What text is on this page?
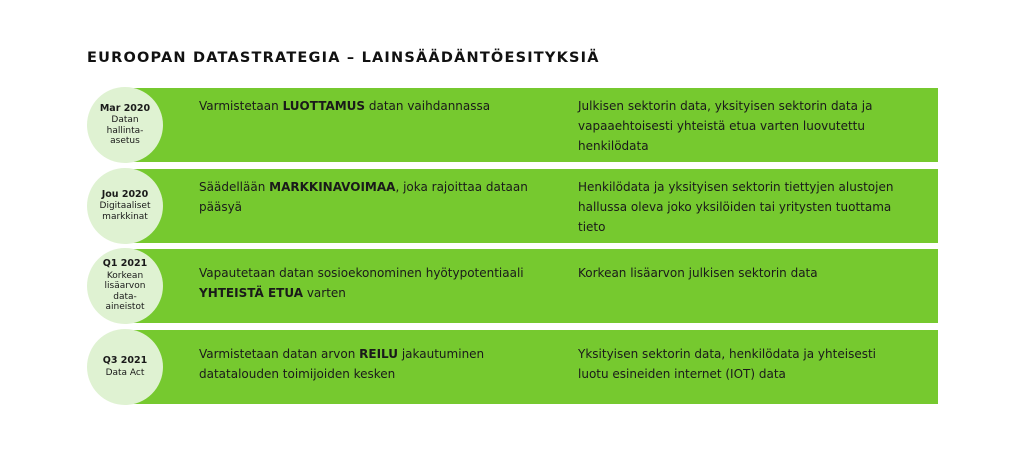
EUROOPAN DATASTRATEGIA – LAINSÄÄDÄNTÖESITYKSIÄ
Mar 2020
Datan
hallinta-
asetus
Varmistetaan LUOTTAMUS datan vaihdannassa	Julkisen sektorin data, yksityisen sektorin data ja vapaaehtoisesti yhteistä etua varten luovutettu henkilödata
Jou 2020
Digitaaliset
markkinat
Säädellään MARKKINAVOIMAA, joka rajoittaa dataan pääsyä
Henkilödata ja yksityisen sektorin tiettyjen alustojen hallussa oleva joko yksilöiden tai yritysten tuottama tieto
Q1 2021
Korkean
lisäarvon
data-
aineistot
Vapautetaan datan sosioekonominen hyötypotentiaali YHTEISTÄ ETUA varten
Korkean lisäarvon julkisen sektorin data
Q3 2021
Data Act
Varmistetaan datan arvon REILU jakautuminen datatalouden toimijoiden kesken
Yksityisen sektorin data, henkilödata ja yhteisesti luotu esineiden internet (IOT) data
